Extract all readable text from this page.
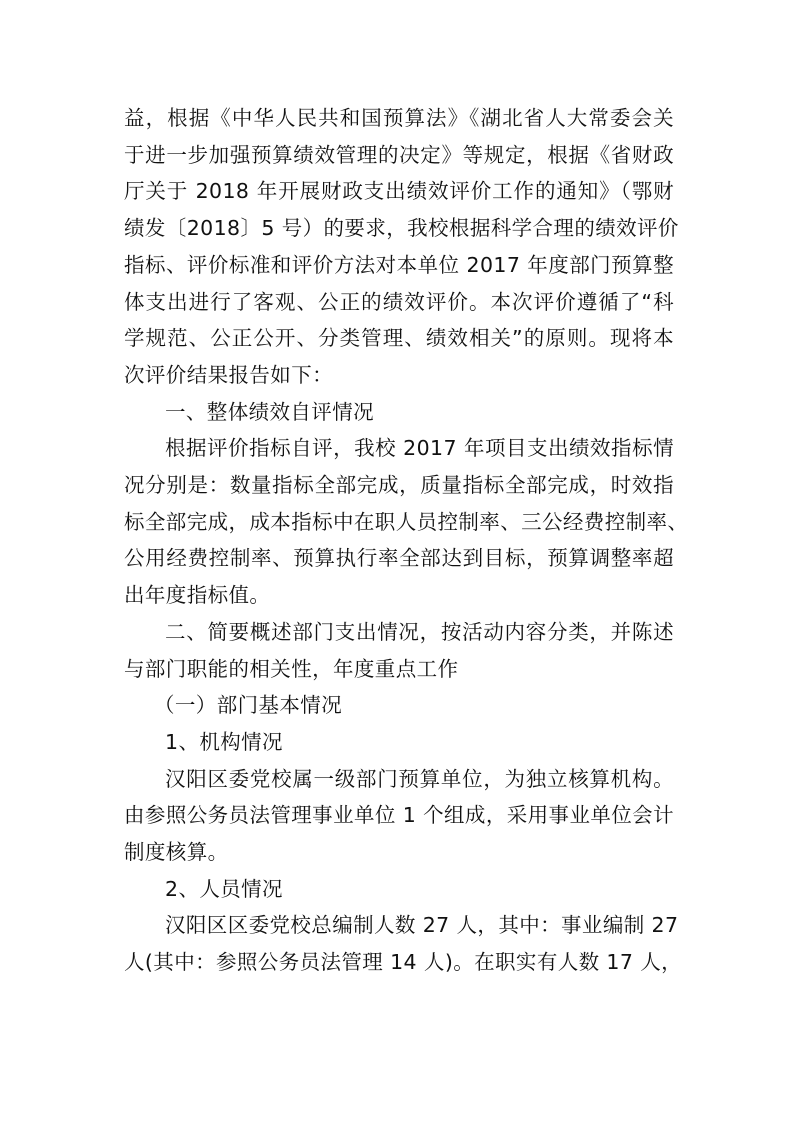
益，根据《中华人民共和国预算法》《湖北省人大常委会关
于进一步加强预算绩效管理的决定》等规定，根据《省财政
厅关于 2018 年开展财政支出绩效评价工作的通知》（鄂财
绩发〔2018〕5 号）的要求，我校根据科学合理的绩效评价
指标、评价标准和评价方法对本单位 2017 年度部门预算整
体支出进行了客观、公正的绩效评价。本次评价遵循了“科
学规范、公正公开、分类管理、绩效相关”的原则。现将本
次评价结果报告如下：

一、整体绩效自评情况

根据评价指标自评，我校 2017 年项目支出绩效指标情
况分别是：数量指标全部完成，质量指标全部完成，时效指
标全部完成，成本指标中在职人员控制率、三公经费控制率、
公用经费控制率、预算执行率全部达到目标，预算调整率超
出年度指标值。

二、简要概述部门支出情况，按活动内容分类，并陈述
与部门职能的相关性，年度重点工作

（一）部门基本情况

1、机构情况

汉阳区委党校属一级部门预算单位，为独立核算机构。
由参照公务员法管理事业单位 1 个组成，采用事业单位会计
制度核算。

2、人员情况

汉阳区区委党校总编制人数 27 人，其中：事业编制 27
人(其中：参照公务员法管理 14 人)。在职实有人数 17 人，
